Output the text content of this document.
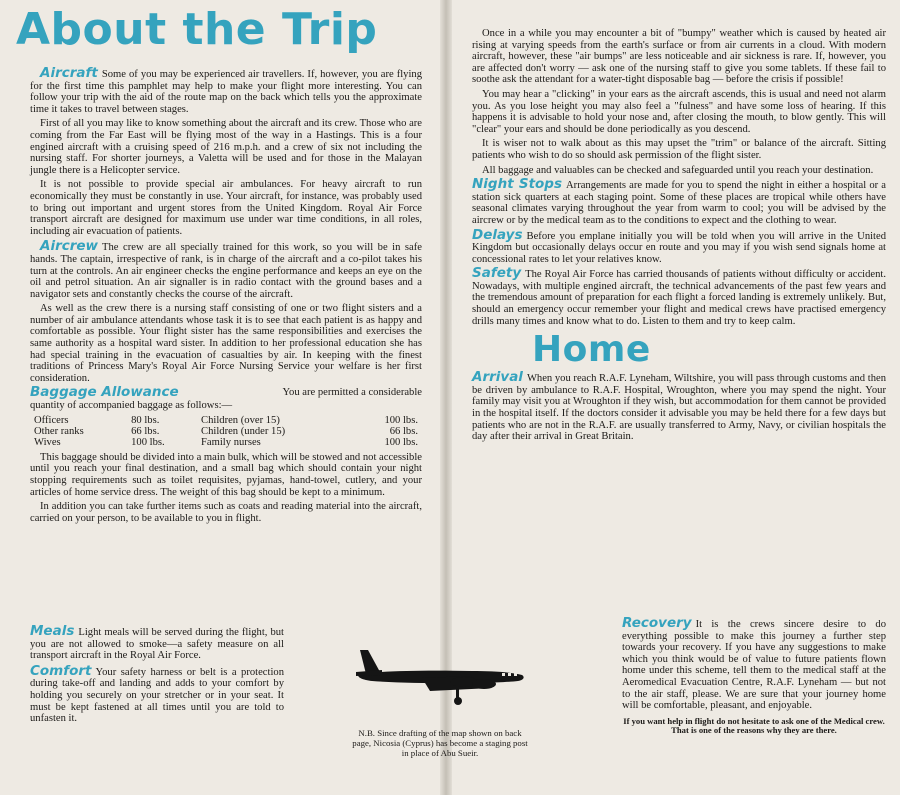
About the Trip

Aircraft Some of you may be experienced air travellers. If, however, you are flying for the first time this pamphlet may help to make your flight more interesting. You can follow your trip with the aid of the route map on the back which tells you the approximate time it takes to travel between stages.

First of all you may like to know something about the aircraft and its crew. Those who are coming from the Far East will be flying most of the way in a Hastings. This is a four engined aircraft with a cruising speed of 216 m.p.h. and a crew of six not including the nursing staff. For shorter journeys, a Valetta will be used and for those in the Malayan jungle there is a Helicopter service.

It is not possible to provide special air ambulances. For heavy aircraft to run economically they must be constantly in use. Your aircraft, for instance, was probably used to bring out important and urgent stores from the United Kingdom. Royal Air Force transport aircraft are designed for maximum use under war time conditions, in all roles, including air evacuation of patients.

Aircrew The crew are all specially trained for this work, so you will be in safe hands. The captain, irrespective of rank, is in charge of the aircraft and a co-pilot takes his turn at the controls. An air engineer checks the engine performance and keeps an eye on the oil and petrol situation. An air signaller is in radio contact with the ground bases and a navigator sets and constantly checks the course of the aircraft.

As well as the crew there is a nursing staff consisting of one or two flight sisters and a number of air ambulance attendants whose task it is to see that each patient is as happy and comfortable as possible. Your flight sister has the same responsibilities and exercises the same authority as a hospital ward sister. In addition to her professional education she has had special training in the evacuation of casualties by air. In keeping with the finest traditions of Princess Mary's Royal Air Force Nursing Service your welfare is her first consideration.

Baggage Allowance	You are permitted a considerable

quantity of accompanied baggage as follows:—

Officers	80 lbs.	Children (over 15)	100 lbs.
Other ranks	66 lbs.	Children (under 15)	66 lbs.
Wives	100 lbs.	Family nurses	100 lbs.

This baggage should be divided into a main bulk, which will be stowed and not accessible until you reach your final destination, and a small bag which should contain your night stopping requirements such as toilet requisites, pyjamas, hand-towel, cutlery, and your articles of home service dress. The weight of this bag should be kept to a minimum.

In addition you can take further items such as coats and reading material into the aircraft, carried on your person, to be available to you in flight.

Meals Light meals will be served during the flight, but you are not allowed to smoke—a safety measure on all transport aircraft in the Royal Air Force.

Comfort Your safety harness or belt is a protection during take-off and landing and adds to your comfort by holding you securely on your stretcher or in your seat. It must be kept fastened at all times until you are told to unfasten it.

Once in a while you may encounter a bit of "bumpy" weather which is caused by heated air rising at varying speeds from the earth's surface or from air currents in a cloud. With modern aircraft, however, these "air bumps" are less noticeable and air sickness is rare. If, however, you are affected don't worry — ask one of the nursing staff to give you some tablets. If these fail to soothe ask the attendant for a water-tight disposable bag — before the crisis if possible!

You may hear a "clicking" in your ears as the aircraft ascends, this is usual and need not alarm you. As you lose height you may also feel a "fulness" and have some loss of hearing. If this happens it is advisable to hold your nose and, after closing the mouth, to blow gently. This will "clear" your ears and should be done periodically as you descend.

It is wiser not to walk about as this may upset the "trim" or balance of the aircraft. Sitting patients who wish to do so should ask permission of the flight sister.

All baggage and valuables can be checked and safeguarded until you reach your destination.

Night Stops Arrangements are made for you to spend the night in either a hospital or a station sick quarters at each staging point. Some of these places are tropical while others have seasonal climates varying throughout the year from warm to cool; you will be advised by the aircrew or by the medical team as to the conditions to expect and the clothing to wear.

Delays Before you emplane initially you will be told when you will arrive in the United Kingdom but occasionally delays occur en route and you may if you wish send signals home at concessional rates to let your relatives know.

Safety The Royal Air Force has carried thousands of patients without difficulty or accident. Nowadays, with multiple engined aircraft, the technical advancements of the past few years and the tremendous amount of preparation for each flight a forced landing is extremely unlikely. But, should an emergency occur remember your flight and medical crews have practised emergency drills many times and know what to do. Listen to them and try to keep calm.

Home

Arrival When you reach R.A.F. Lyneham, Wiltshire, you will pass through customs and then be driven by ambulance to R.A.F. Hospital, Wroughton, where you may spend the night. Your family may visit you at Wroughton if they wish, but accommodation for them cannot be provided in the hospital itself. If the doctors consider it advisable you may be held there for a few days but patients who are not in the R.A.F. are usually transferred to Army, Navy, or civilian hospitals the day after their arrival in Great Britain.

Recovery It is the crews sincere desire to do everything possible to make this journey a further step towards your recovery. If you have any suggestions to make which you think would be of value to future patients flown home under this scheme, tell them to the medical staff at the Aeromedical Evacuation Centre, R.A.F. Lyneham — but not to the air staff, please. We are sure that your journey home will be comfortable, pleasant, and enjoyable.

If you want help in flight do not hesitate to ask one of the Medical crew. That is one of the reasons why they are there.

N.B. Since drafting of the map shown on back page, Nicosia (Cyprus) has become a staging post in place of Abu Sueir.
